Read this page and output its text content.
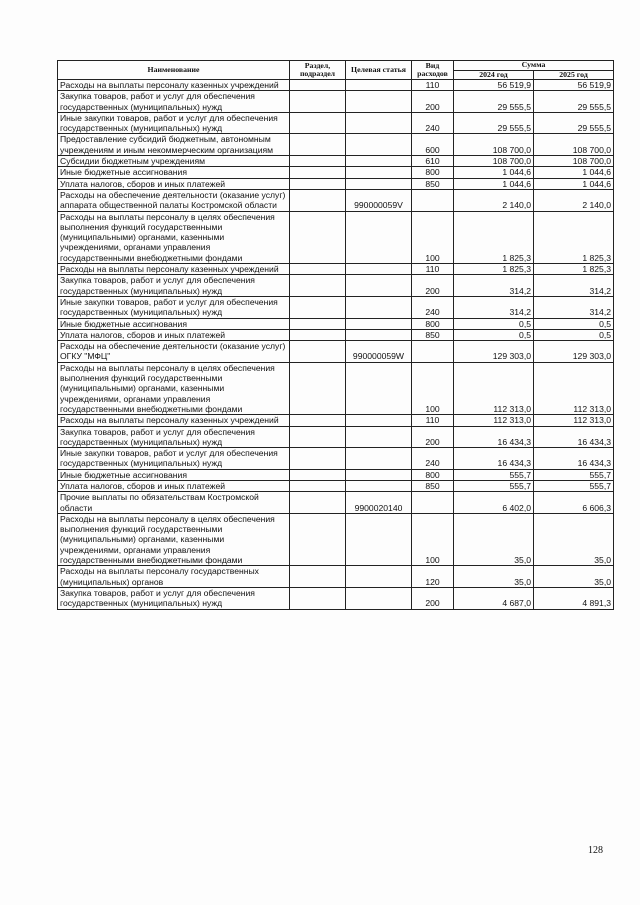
Наименование	Раздел, подраздел	Целевая статья	Вид расходов	Сумма	
				2024 год	2025 год
Расходы на выплаты персоналу казенных учреждений			110	56 519,9	56 519,9
Закупка товаров, работ и услуг для обеспечения государственных (муниципальных) нужд			200	29 555,5	29 555,5
Иные закупки товаров, работ и услуг для обеспечения государственных (муниципальных) нужд			240	29 555,5	29 555,5
Предоставление субсидий бюджетным, автономным учреждениям и иным некоммерческим организациям			600	108 700,0	108 700,0
Субсидии бюджетным учреждениям			610	108 700,0	108 700,0
Иные бюджетные ассигнования			800	1 044,6	1 044,6
Уплата налогов, сборов и иных платежей			850	1 044,6	1 044,6
Расходы на обеспечение деятельности (оказание услуг) аппарата общественной палаты Костромской области		990000059V		2 140,0	2 140,0
Расходы на выплаты персоналу в целях обеспечения выполнения функций государственными (муниципальными) органами, казенными учреждениями, органами управления государственными внебюджетными фондами			100	1 825,3	1 825,3
Расходы на выплаты персоналу казенных учреждений			110	1 825,3	1 825,3
Закупка товаров, работ и услуг для обеспечения государственных (муниципальных) нужд			200	314,2	314,2
Иные закупки товаров, работ и услуг для обеспечения государственных (муниципальных) нужд			240	314,2	314,2
Иные бюджетные ассигнования			800	0,5	0,5
Уплата налогов, сборов и иных платежей			850	0,5	0,5
Расходы на обеспечение деятельности (оказание услуг) ОГКУ "МФЦ"		990000059W		129 303,0	129 303,0
Расходы на выплаты персоналу в целях обеспечения выполнения функций государственными (муниципальными) органами, казенными учреждениями, органами управления государственными внебюджетными фондами			100	112 313,0	112 313,0
Расходы на выплаты персоналу казенных учреждений			110	112 313,0	112 313,0
Закупка товаров, работ и услуг для обеспечения государственных (муниципальных) нужд			200	16 434,3	16 434,3
Иные закупки товаров, работ и услуг для обеспечения государственных (муниципальных) нужд			240	16 434,3	16 434,3
Иные бюджетные ассигнования			800	555,7	555,7
Уплата налогов, сборов и иных платежей			850	555,7	555,7
Прочие выплаты по обязательствам Костромской области		9900020140		6 402,0	6 606,3
Расходы на выплаты персоналу в целях обеспечения выполнения функций государственными (муниципальными) органами, казенными учреждениями, органами управления государственными внебюджетными фондами			100	35,0	35,0
Расходы на выплаты персоналу государственных (муниципальных) органов			120	35,0	35,0
Закупка товаров, работ и услуг для обеспечения государственных (муниципальных) нужд			200	4 687,0	4 891,3
128
